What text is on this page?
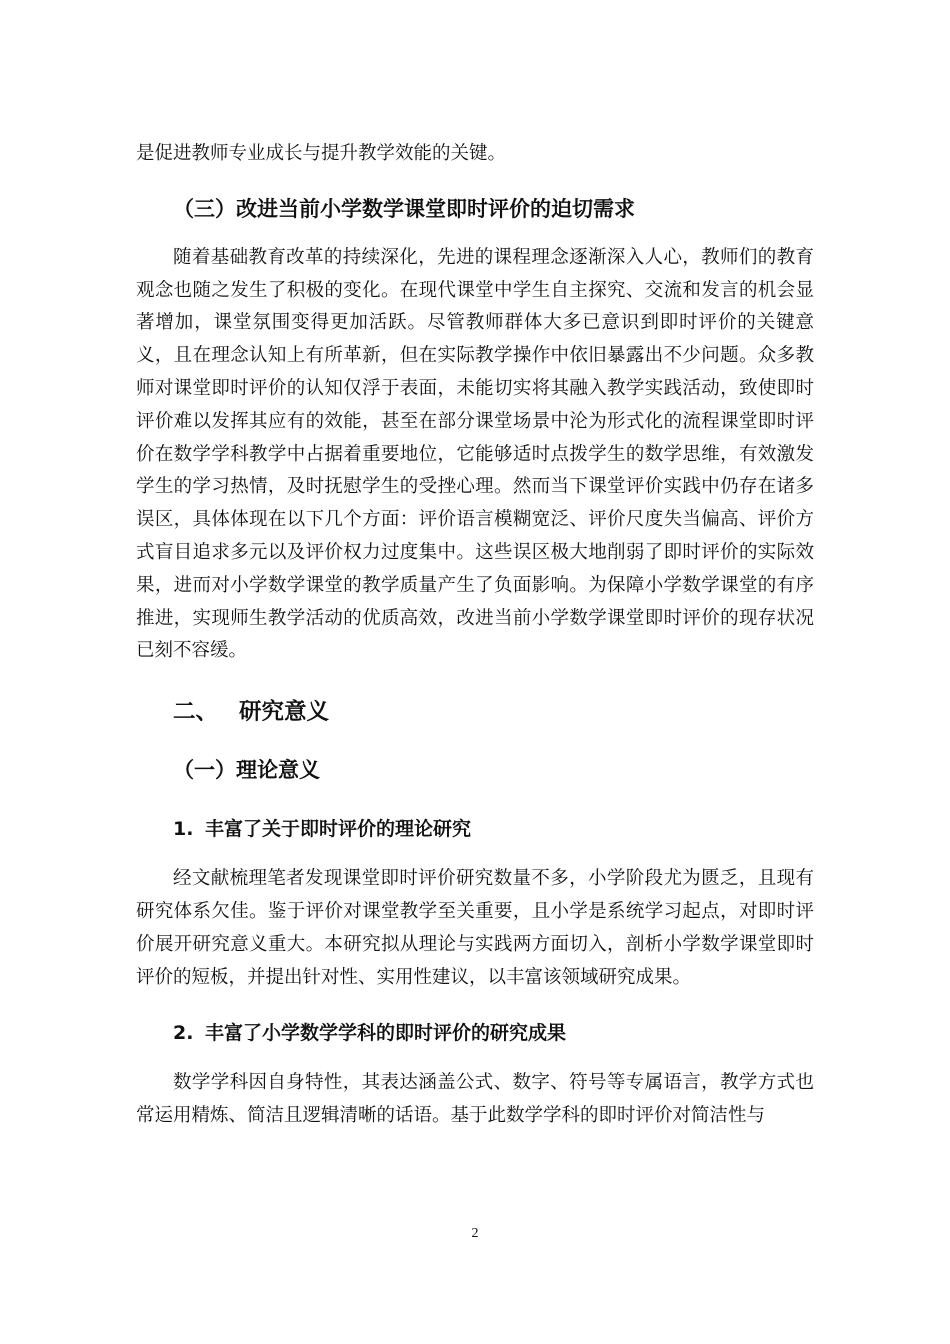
是促进教师专业成长与提升教学效能的关键。

（三）改进当前小学数学课堂即时评价的迫切需求

随着基础教育改革的持续深化，先进的课程理念逐渐深入人心，教师们的教育观念也随之发生了积极的变化。在现代课堂中学生自主探究、交流和发言的机会显著增加，课堂氛围变得更加活跃。尽管教师群体大多已意识到即时评价的关键意义，且在理念认知上有所革新，但在实际教学操作中依旧暴露出不少问题。众多教师对课堂即时评价的认知仅浮于表面，未能切实将其融入教学实践活动，致使即时评价难以发挥其应有的效能，甚至在部分课堂场景中沦为形式化的流程课堂即时评价在数学学科教学中占据着重要地位，它能够适时点拨学生的数学思维，有效激发学生的学习热情，及时抚慰学生的受挫心理。然而当下课堂评价实践中仍存在诸多误区，具体体现在以下几个方面：评价语言模糊宽泛、评价尺度失当偏高、评价方式盲目追求多元以及评价权力过度集中。这些误区极大地削弱了即时评价的实际效果，进而对小学数学课堂的教学质量产生了负面影响。为保障小学数学课堂的有序推进，实现师生教学活动的优质高效，改进当前小学数学课堂即时评价的现存状况已刻不容缓。

二、 研究意义
（一）理论意义
1. 丰富了关于即时评价的理论研究

经文献梳理笔者发现课堂即时评价研究数量不多，小学阶段尤为匮乏，且现有研究体系欠佳。鉴于评价对课堂教学至关重要，且小学是系统学习起点，对即时评价展开研究意义重大。本研究拟从理论与实践两方面切入，剖析小学数学课堂即时评价的短板，并提出针对性、实用性建议，以丰富该领域研究成果。

2. 丰富了小学数学学科的即时评价的研究成果

数学学科因自身特性，其表达涵盖公式、数字、符号等专属语言，教学方式也常运用精炼、简洁且逻辑清晰的话语。基于此数学学科的即时评价对简洁性与

2
